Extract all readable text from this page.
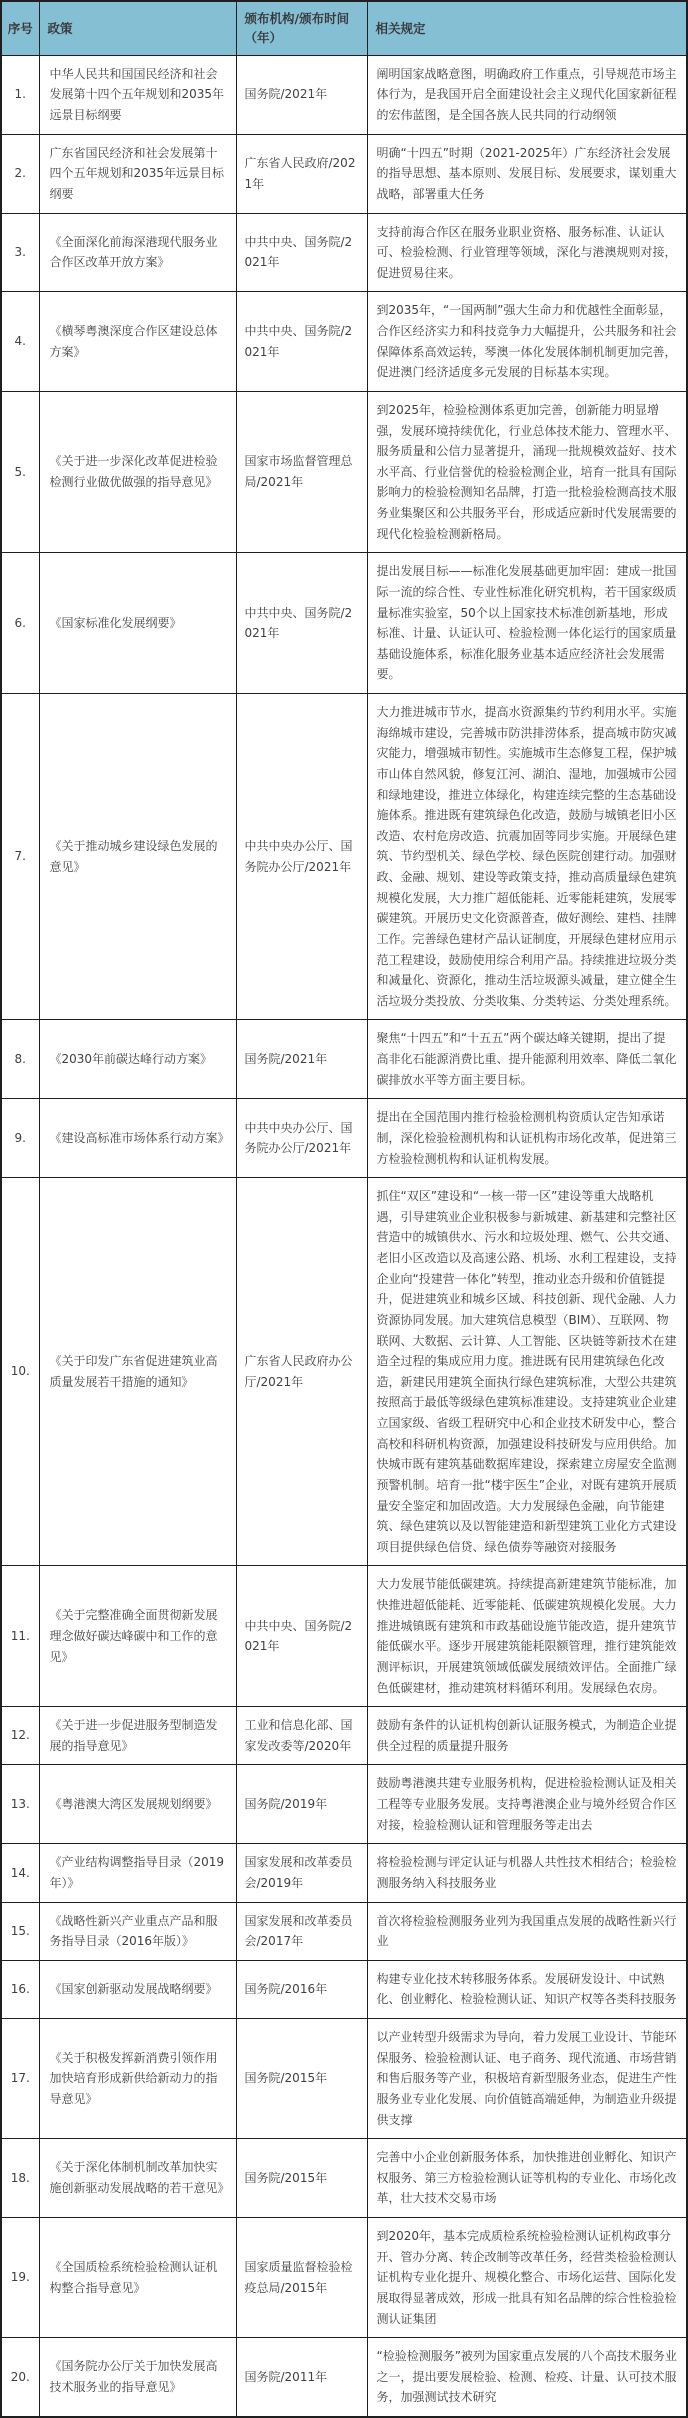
序号	政策	颁布机构/颁布时间（年）	相关规定
1.	中华人民共和国国民经济和社会发展第十四个五年规划和2035年远景目标纲要	国务院/2021年	阐明国家战略意图，明确政府工作重点，引导规范市场主体行为，是我国开启全面建设社会主义现代化国家新征程的宏伟蓝图，是全国各族人民共同的行动纲领
2.	广东省国民经济和社会发展第十四个五年规划和2035年远景目标纲要	广东省人民政府/2021年	明确“十四五”时期（2021-2025年）广东经济社会发展的指导思想、基本原则、发展目标、发展要求，谋划重大战略，部署重大任务
3.	《全面深化前海深港现代服务业合作区改革开放方案》	中共中央、国务院/2021年	支持前海合作区在服务业职业资格、服务标准、认证认可、检验检测、行业管理等领域，深化与港澳规则对接，促进贸易往来。
4.	《横琴粤澳深度合作区建设总体方案》	中共中央、国务院/2021年	到2035年，“一国两制”强大生命力和优越性全面彰显，合作区经济实力和科技竞争力大幅提升，公共服务和社会保障体系高效运转，琴澳一体化发展体制机制更加完善，促进澳门经济适度多元发展的目标基本实现。
5.	《关于进一步深化改革促进检验检测行业做优做强的指导意见》	国家市场监督管理总局/2021年	到2025年，检验检测体系更加完善，创新能力明显增强，发展环境持续优化，行业总体技术能力、管理水平、服务质量和公信力显著提升，涌现一批规模效益好、技术水平高、行业信誉优的检验检测企业，培育一批具有国际影响力的检验检测知名品牌，打造一批检验检测高技术服务业集聚区和公共服务平台，形成适应新时代发展需要的现代化检验检测新格局。
6.	《国家标准化发展纲要》	中共中央、国务院/2021年	提出发展目标——标准化发展基础更加牢固：建成一批国际一流的综合性、专业性标准化研究机构，若干国家级质量标准实验室，50个以上国家技术标准创新基地，形成标准、计量、认证认可、检验检测一体化运行的国家质量基础设施体系，标准化服务业基本适应经济社会发展需要。
7.	《关于推动城乡建设绿色发展的意见》	中共中央办公厅、国务院办公厅/2021年	大力推进城市节水，提高水资源集约节约利用水平。实施海绵城市建设，完善城市防洪排涝体系，提高城市防灾减灾能力，增强城市韧性。实施城市生态修复工程，保护城市山体自然风貌，修复江河、湖泊、湿地，加强城市公园和绿地建设，推进立体绿化，构建连续完整的生态基础设施体系。推进既有建筑绿色化改造，鼓励与城镇老旧小区改造、农村危房改造、抗震加固等同步实施。开展绿色建筑、节约型机关、绿色学校、绿色医院创建行动。加强财政、金融、规划、建设等政策支持，推动高质量绿色建筑规模化发展，大力推广超低能耗、近零能耗建筑，发展零碳建筑。开展历史文化资源普查，做好测绘、建档、挂牌工作。完善绿色建材产品认证制度，开展绿色建材应用示范工程建设，鼓励使用综合利用产品。持续推进垃圾分类和减量化、资源化，推动生活垃圾源头减量，建立健全生活垃圾分类投放、分类收集、分类转运、分类处理系统。
8.	《2030年前碳达峰行动方案》	国务院/2021年	聚焦“十四五”和“十五五”两个碳达峰关键期，提出了提高非化石能源消费比重、提升能源利用效率、降低二氧化碳排放水平等方面主要目标。
9.	《建设高标准市场体系行动方案》	中共中央办公厅、国务院办公厅/2021年	提出在全国范围内推行检验检测机构资质认定告知承诺制，深化检验检测机构和认证机构市场化改革，促进第三方检验检测机构和认证机构发展。
10.	《关于印发广东省促进建筑业高质量发展若干措施的通知》	广东省人民政府办公厅/2021年	抓住“双区”建设和“一核一带一区”建设等重大战略机遇，引导建筑业企业积极参与新城建、新基建和完整社区营造中的城镇供水、污水和垃圾处理、燃气、公共交通、老旧小区改造以及高速公路、机场、水利工程建设，支持企业向“投建营一体化”转型，推动业态升级和价值链提升，促进建筑业和城乡区域、科技创新、现代金融、人力资源协同发展。加大建筑信息模型（BIM）、互联网、物联网、大数据、云计算、人工智能、区块链等新技术在建造全过程的集成应用力度。推进既有民用建筑绿色化改造，新建民用建筑全面执行绿色建筑标准，大型公共建筑按照高于最低等级绿色建筑标准建设。支持建筑业企业建立国家级、省级工程研究中心和企业技术研发中心，整合高校和科研机构资源，加强建设科技研发与应用供给。加快城市既有建筑基础数据库建设，探索建立房屋安全监测预警机制。培育一批“楼宇医生”企业，对既有建筑开展质量安全鉴定和加固改造。大力发展绿色金融，向节能建筑、绿色建筑以及以智能建造和新型建筑工业化方式建设项目提供绿色信贷、绿色债券等融资对接服务
11.	《关于完整准确全面贯彻新发展理念做好碳达峰碳中和工作的意见》	中共中央、国务院/2021年	大力发展节能低碳建筑。持续提高新建建筑节能标准，加快推进超低能耗、近零能耗、低碳建筑规模化发展。大力推进城镇既有建筑和市政基础设施节能改造，提升建筑节能低碳水平。逐步开展建筑能耗限额管理，推行建筑能效测评标识，开展建筑领域低碳发展绩效评估。全面推广绿色低碳建材，推动建筑材料循环利用。发展绿色农房。
12.	《关于进一步促进服务型制造发展的指导意见》	工业和信息化部、国家发改委等/2020年	鼓励有条件的认证机构创新认证服务模式，为制造企业提供全过程的质量提升服务
13.	《粤港澳大湾区发展规划纲要》	国务院/2019年	鼓励粤港澳共建专业服务机构，促进检验检测认证及相关工程等专业服务发展。支持粤港澳企业与境外经贸合作区对接，检验检测认证和管理服务等走出去
14.	《产业结构调整指导目录（2019年）》	国家发展和改革委员会/2019年	将检验检测与评定认证与机器人共性技术相结合；检验检测服务纳入科技服务业
15.	《战略性新兴产业重点产品和服务指导目录（2016年版）》	国家发展和改革委员会/2017年	首次将检验检测服务业列为我国重点发展的战略性新兴行业
16.	《国家创新驱动发展战略纲要》	国务院/2016年	构建专业化技术转移服务体系。发展研发设计、中试熟化、创业孵化、检验检测认证、知识产权等各类科技服务
17.	《关于积极发挥新消费引领作用加快培育形成新供给新动力的指导意见》	国务院/2015年	以产业转型升级需求为导向，着力发展工业设计、节能环保服务、检验检测认证、电子商务、现代流通、市场营销和售后服务等产业，积极培育新型服务业态，促进生产性服务业专业化发展、向价值链高端延伸，为制造业升级提供支撑
18.	《关于深化体制机制改革加快实施创新驱动发展战略的若干意见》	国务院/2015年	完善中小企业创新服务体系，加快推进创业孵化、知识产权服务、第三方检验检测认证等机构的专业化、市场化改革，壮大技术交易市场
19.	《全国质检系统检验检测认证机构整合指导意见》	国家质量监督检验检疫总局/2015年	到2020年，基本完成质检系统检验检测认证机构政事分开、管办分离、转企改制等改革任务，经营类检验检测认证机构专业化提升、规模化整合、市场化运营、国际化发展取得显著成效，形成一批具有知名品牌的综合性检验检测认证集团
20.	《国务院办公厅关于加快发展高技术服务业的指导意见》	国务院/2011年	“检验检测服务”被列为国家重点发展的八个高技术服务业之一，提出要发展检验、检测、检疫、计量、认可技术服务，加强测试技术研究
